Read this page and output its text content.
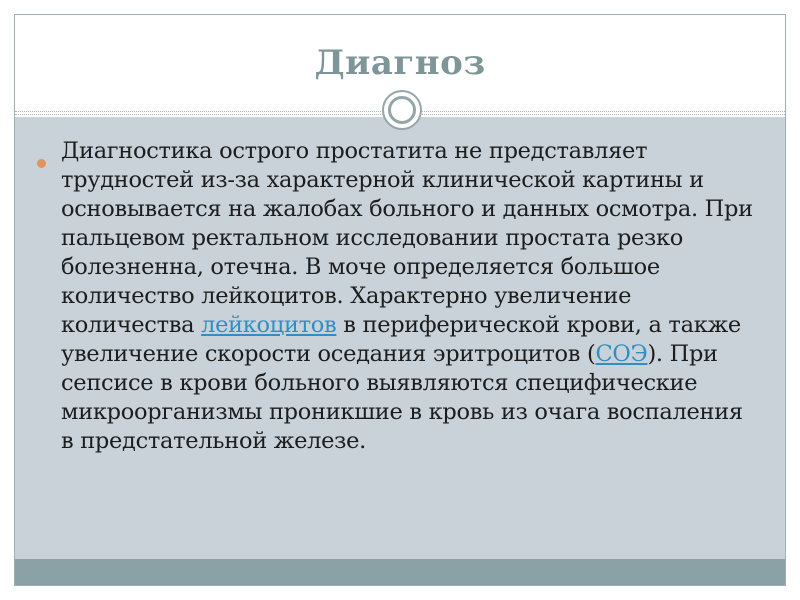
Диагноз
Диагностика острого простатита не представляет трудностей из-за характерной клинической картины и основывается на жалобах больного и данных осмотра. При пальцевом ректальном исследовании простата резко болезненна, отечна. В моче определяется большое количество лейкоцитов. Характерно увеличение количества лейкоцитов в периферической крови, а также увеличение скорости оседания эритроцитов (СОЭ). При сепсисе в крови больного выявляются специфические микроорганизмы проникшие в кровь из очага воспаления в предстательной железе.
